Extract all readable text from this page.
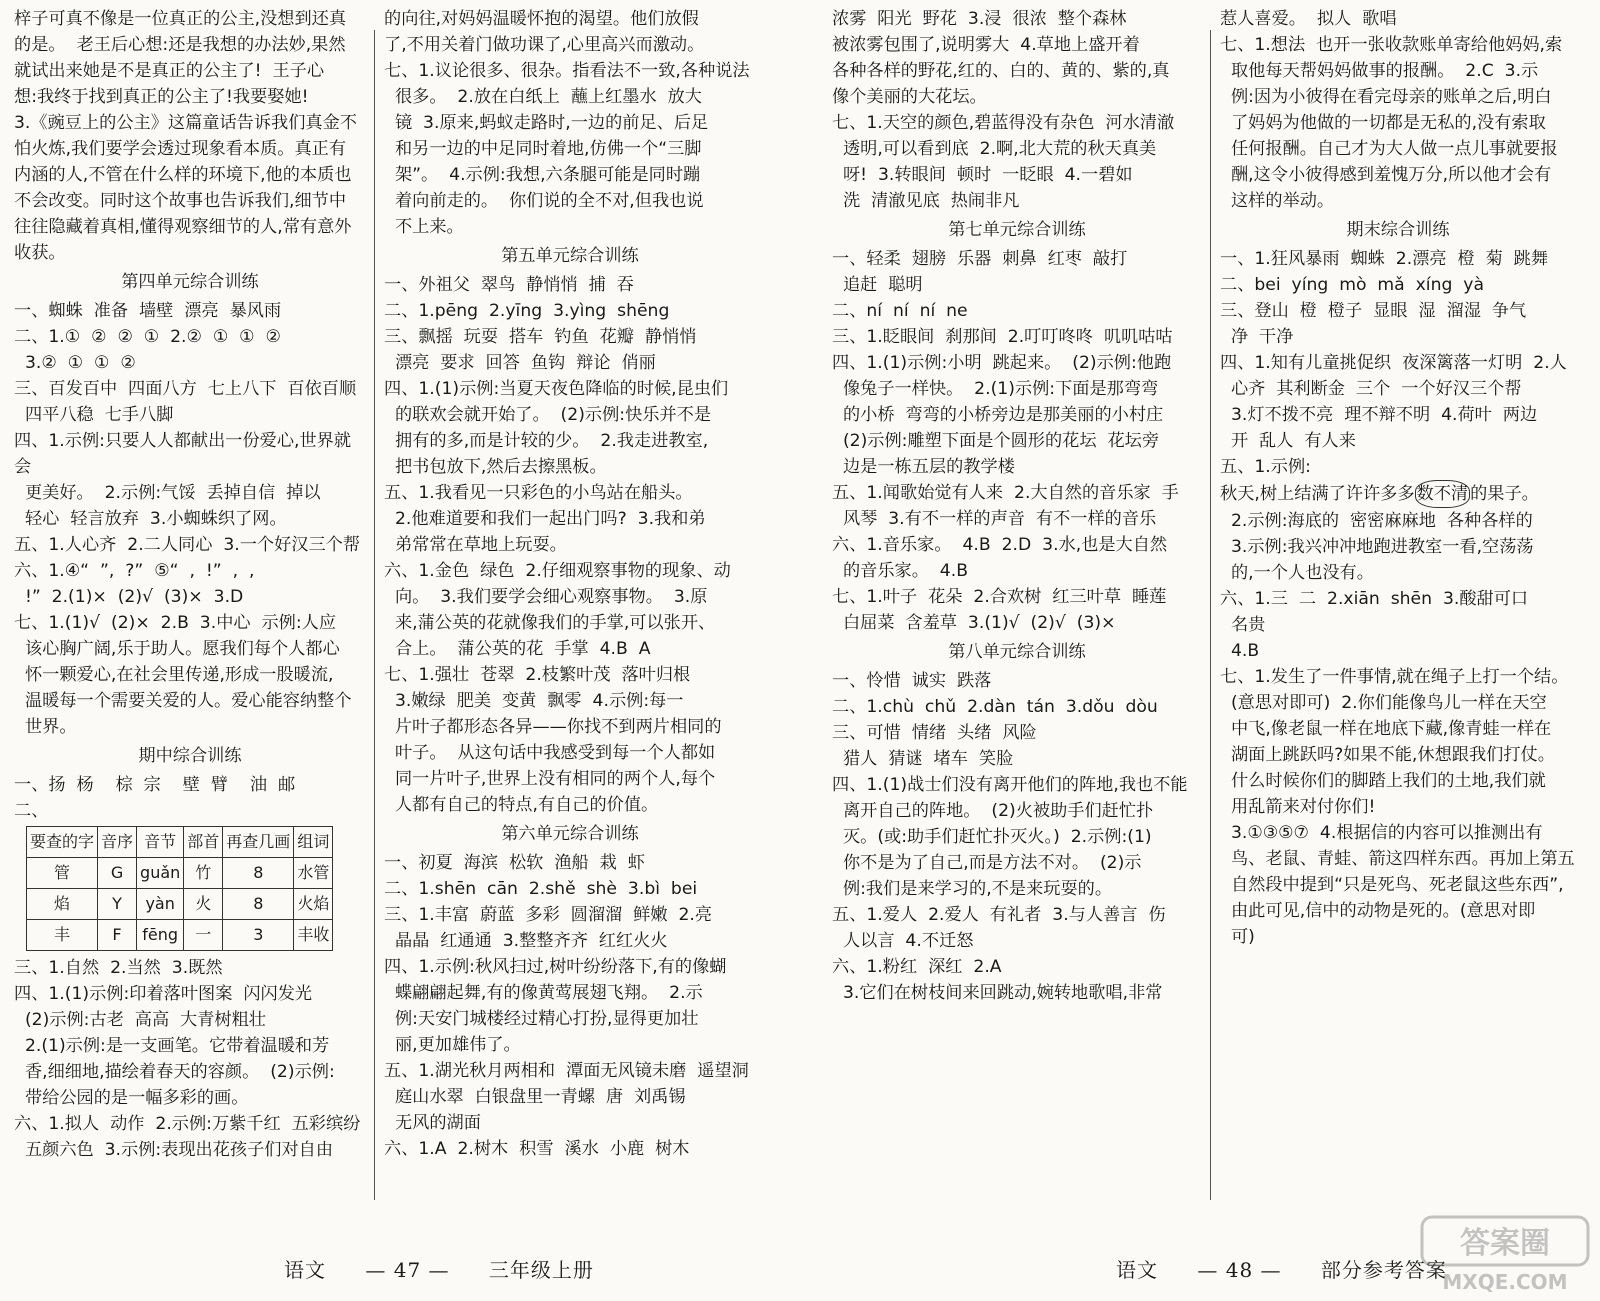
梓子可真不像是一位真正的公主,没想到还真

的是。  老王后心想:还是我想的办法妙,果然

就试出来她是不是真正的公主了!  王子心

想:我终于找到真正的公主了!我要娶她!

3.《豌豆上的公主》这篇童话告诉我们真金不

怕火炼,我们要学会透过现象看本质。真正有

内涵的人,不管在什么样的环境下,他的本质也

不会改变。同时这个故事也告诉我们,细节中

往往隐藏着真相,懂得观察细节的人,常有意外

收获。

第四单元综合训练

一、蜘蛛  准备  墙壁  漂亮  暴风雨

二、1.①  ②  ②  ①  2.②  ①  ①  ②

3.②  ①  ①  ②

三、百发百中  四面八方  七上八下  百依百顺

四平八稳  七手八脚

四、1.示例:只要人人都献出一份爱心,世界就会

更美好。  2.示例:气馁  丢掉自信  掉以

轻心  轻言放弃  3.小蜘蛛织了网。

五、1.人心齐  2.二人同心  3.一个好汉三个帮

六、1.④“  ”,  ?”  ⑤“  ,  !”  ,  ,

!”  2.(1)×  (2)√  (3)×  3.D

七、1.(1)√  (2)×  2.B  3.中心  示例:人应

该心胸广阔,乐于助人。愿我们每个人都心

怀一颗爱心,在社会里传递,形成一股暖流,

温暖每一个需要关爱的人。爱心能容纳整个

世界。

期中综合训练

一、扬  杨    棕  宗    壁  臂    油  邮

二、

要查的字	音序	音节	部首	再查几画	组词
管	G	guǎn	竹	8	水管
焰	Y	yàn	火	8	火焰
丰	F	fēng	一	3	丰收

三、1.自然  2.当然  3.既然

四、1.(1)示例:印着落叶图案  闪闪发光

(2)示例:古老  高高  大青树粗壮

2.(1)示例:是一支画笔。它带着温暖和芳

香,细细地,描绘着春天的容颜。  (2)示例:

带给公园的是一幅多彩的画。

六、1.拟人  动作  2.示例:万紫千红  五彩缤纷

五颜六色  3.示例:表现出花孩子们对自由

的向往,对妈妈温暖怀抱的渴望。他们放假

了,不用关着门做功课了,心里高兴而激动。

七、1.议论很多、很杂。指看法不一致,各种说法

很多。  2.放在白纸上  蘸上红墨水  放大

镜  3.原来,蚂蚁走路时,一边的前足、后足

和另一边的中足同时着地,仿佛一个“三脚

架”。  4.示例:我想,六条腿可能是同时蹦

着向前走的。  你们说的全不对,但我也说

不上来。

第五单元综合训练

一、外祖父  翠鸟  静悄悄  捕  吞

二、1.pēng  2.yīng  3.yìng  shēng

三、飘摇  玩耍  搭车  钓鱼  花瓣  静悄悄

漂亮  要求  回答  鱼钩  辩论  俏丽

四、1.(1)示例:当夏天夜色降临的时候,昆虫们

的联欢会就开始了。  (2)示例:快乐并不是

拥有的多,而是计较的少。  2.我走进教室,

把书包放下,然后去擦黑板。

五、1.我看见一只彩色的小鸟站在船头。

2.他难道要和我们一起出门吗?  3.我和弟

弟常常在草地上玩耍。

六、1.金色  绿色  2.仔细观察事物的现象、动

向。  3.我们要学会细心观察事物。  3.原

来,蒲公英的花就像我们的手掌,可以张开、

合上。  蒲公英的花  手掌  4.B  A

七、1.强壮  苍翠  2.枝繁叶茂  落叶归根

3.嫩绿  肥美  变黄  飘零  4.示例:每一

片叶子都形态各异——你找不到两片相同的

叶子。  从这句话中我感受到每一个人都如

同一片叶子,世界上没有相同的两个人,每个

人都有自己的特点,有自己的价值。

第六单元综合训练

一、初夏  海滨  松软  渔船  栽  虾

二、1.shēn  cān  2.shě  shè  3.bì  bei

三、1.丰富  蔚蓝  多彩  圆溜溜  鲜嫩  2.亮

晶晶  红通通  3.整整齐齐  红红火火

四、1.示例:秋风扫过,树叶纷纷落下,有的像蝴

蝶翩翩起舞,有的像黄莺展翅飞翔。  2.示

例:天安门城楼经过精心打扮,显得更加壮

丽,更加雄伟了。

五、1.湖光秋月两相和  潭面无风镜未磨  遥望洞

庭山水翠  白银盘里一青螺  唐  刘禹锡

无风的湖面

六、1.A  2.树木  积雪  溪水  小鹿  树木

语文 — 47 — 三年级上册

浓雾  阳光  野花  3.浸  很浓  整个森林

被浓雾包围了,说明雾大  4.草地上盛开着

各种各样的野花,红的、白的、黄的、紫的,真

像个美丽的大花坛。

七、1.天空的颜色,碧蓝得没有杂色  河水清澈

透明,可以看到底  2.啊,北大荒的秋天真美

呀!  3.转眼间  顿时  一眨眼  4.一碧如

洗  清澈见底  热闹非凡

第七单元综合训练

一、轻柔  翅膀  乐器  刺鼻  红枣  敲打

追赶  聪明

二、ní  ní  ní  ne

三、1.眨眼间  刹那间  2.叮叮咚咚  叽叽咕咕

四、1.(1)示例:小明  跳起来。  (2)示例:他跑

像兔子一样快。  2.(1)示例:下面是那弯弯

的小桥  弯弯的小桥旁边是那美丽的小村庄

(2)示例:雕塑下面是个圆形的花坛  花坛旁

边是一栋五层的教学楼

五、1.闻歌始觉有人来  2.大自然的音乐家  手

风琴  3.有不一样的声音  有不一样的音乐

六、1.音乐家。  4.B  2.D  3.水,也是大自然

的音乐家。  4.B

七、1.叶子  花朵  2.合欢树  红三叶草  睡莲

白屈菜  含羞草  3.(1)√  (2)√  (3)×

第八单元综合训练

一、怜惜  诚实  跌落

二、1.chù  chǔ  2.dàn  tán  3.dǒu  dòu

三、可惜  情绪  头绪  风险

猎人  猜谜  堵车  笑脸

四、1.(1)战士们没有离开他们的阵地,我也不能

离开自己的阵地。  (2)火被助手们赶忙扑

灭。(或:助手们赶忙扑灭火。)  2.示例:(1)

你不是为了自己,而是方法不对。  (2)示

例:我们是来学习的,不是来玩耍的。

五、1.爱人  2.爱人  有礼者  3.与人善言  伤

人以言  4.不迁怒

六、1.粉红  深红  2.A

3.它们在树枝间来回跳动,婉转地歌唱,非常

惹人喜爱。  拟人  歌唱

七、1.想法  也开一张收款账单寄给他妈妈,索

取他每天帮妈妈做事的报酬。  2.C  3.示

例:因为小彼得在看完母亲的账单之后,明白

了妈妈为他做的一切都是无私的,没有索取

任何报酬。自己才为大人做一点儿事就要报

酬,这令小彼得感到羞愧万分,所以他才会有

这样的举动。

期末综合训练

一、1.狂风暴雨  蜘蛛  2.漂亮  橙  菊  跳舞

二、bei  yíng  mò  mǎ  xíng  yà

三、登山  橙  橙子  显眼  湿  溜湿  争气

净  干净

四、1.知有儿童挑促织  夜深篱落一灯明  2.人

心齐  其利断金  三个  一个好汉三个帮

3.灯不拨不亮  理不辩不明  4.荷叶  两边

开  乱人  有人来

五、1.示例:

秋天,树上结满了许许多多 数不清 的果子。

2.示例:海底的  密密麻麻地  各种各样的

3.示例:我兴冲冲地跑进教室一看,空荡荡

的,一个人也没有。

六、1.三  二  2.xiān  shēn  3.酸甜可口

名贵

4.B

七、1.发生了一件事情,就在绳子上打一个结。

(意思对即可)  2.你们能像鸟儿一样在天空

中飞,像老鼠一样在地底下藏,像青蛙一样在

湖面上跳跃吗?如果不能,休想跟我们打仗。

什么时候你们的脚踏上我们的土地,我们就

用乱箭来对付你们!

3.①③⑤⑦  4.根据信的内容可以推测出有

鸟、老鼠、青蛙、箭这四样东西。再加上第五

自然段中提到“只是死鸟、死老鼠这些东西”,

由此可见,信中的动物是死的。(意思对即

可)

语文 — 48 — 部分参考答案
答案圈
MXQE.COM
